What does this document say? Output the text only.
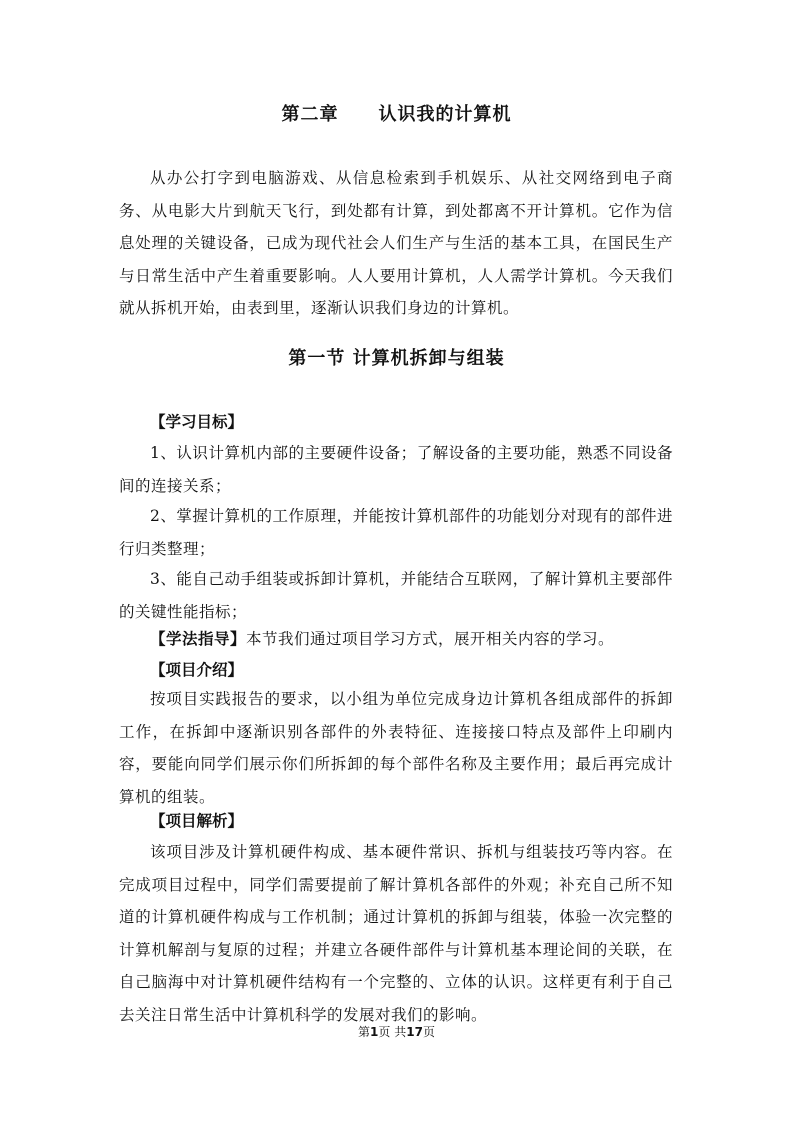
第二章 认识我的计算机

从办公打字到电脑游戏、从信息检索到手机娱乐、从社交网络到电子商务、从电影大片到航天飞行，到处都有计算，到处都离不开计算机。它作为信息处理的关键设备，已成为现代社会人们生产与生活的基本工具，在国民生产与日常生活中产生着重要影响。人人要用计算机，人人需学计算机。今天我们就从拆机开始，由表到里，逐渐认识我们身边的计算机。

第一节 计算机拆卸与组装
【学习目标】

1、认识计算机内部的主要硬件设备；了解设备的主要功能，熟悉不同设备间的连接关系；

2、掌握计算机的工作原理，并能按计算机部件的功能划分对现有的部件进行归类整理；

3、能自己动手组装或拆卸计算机，并能结合互联网，了解计算机主要部件的关键性能指标；

【学法指导】本节我们通过项目学习方式，展开相关内容的学习。
【项目介绍】

按项目实践报告的要求，以小组为单位完成身边计算机各组成部件的拆卸工作，在拆卸中逐渐识别各部件的外表特征、连接接口特点及部件上印刷内容，要能向同学们展示你们所拆卸的每个部件名称及主要作用；最后再完成计算机的组装。

【项目解析】

该项目涉及计算机硬件构成、基本硬件常识、拆机与组装技巧等内容。在完成项目过程中，同学们需要提前了解计算机各部件的外观；补充自己所不知道的计算机硬件构成与工作机制；通过计算机的拆卸与组装，体验一次完整的计算机解剖与复原的过程；并建立各硬件部件与计算机基本理论间的关联，在自己脑海中对计算机硬件结构有一个完整的、立体的认识。这样更有利于自己去关注日常生活中计算机科学的发展对我们的影响。

第1页 共17页
